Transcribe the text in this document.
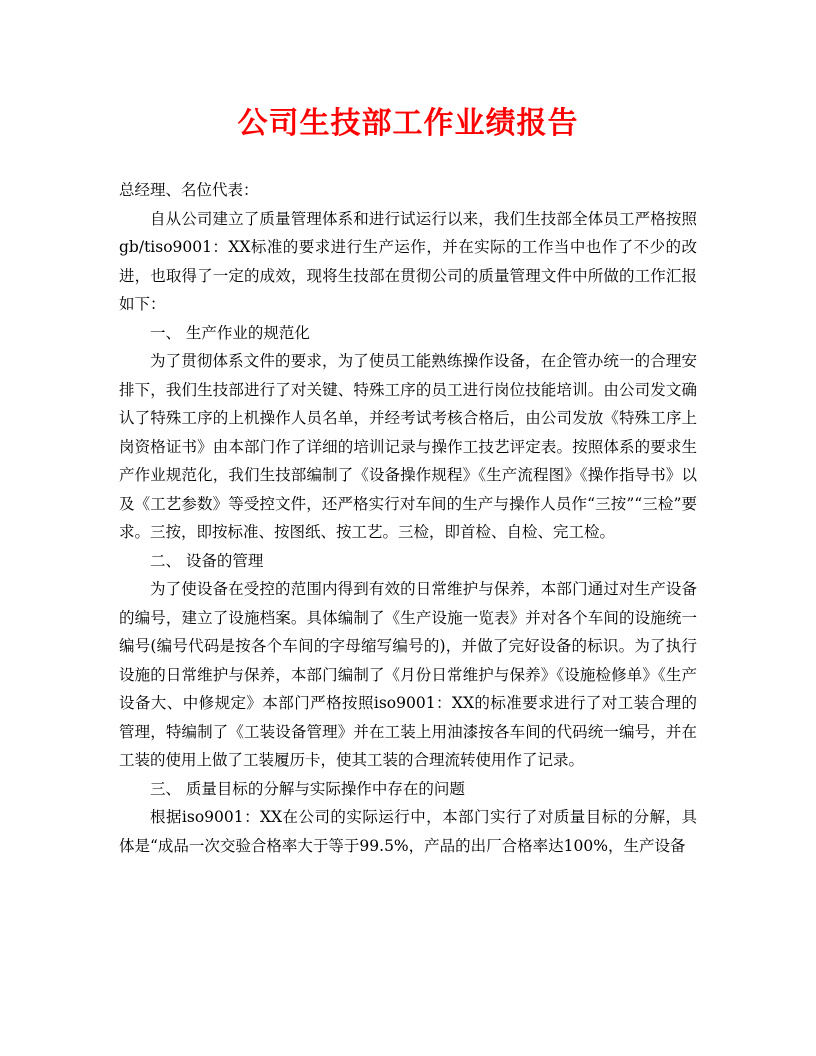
公司生技部工作业绩报告

总经理、名位代表：

自从公司建立了质量管理体系和进行试运行以来，我们生技部全体员工严格按照gb/tiso9001：XX标准的要求进行生产运作，并在实际的工作当中也作了不少的改进，也取得了一定的成效，现将生技部在贯彻公司的质量管理文件中所做的工作汇报如下：

一、 生产作业的规范化

为了贯彻体系文件的要求，为了使员工能熟练操作设备，在企管办统一的合理安排下，我们生技部进行了对关键、特殊工序的员工进行岗位技能培训。由公司发文确认了特殊工序的上机操作人员名单，并经考试考核合格后，由公司发放《特殊工序上岗资格证书》由本部门作了详细的培训记录与操作工技艺评定表。按照体系的要求生产作业规范化，我们生技部编制了《设备操作规程》《生产流程图》《操作指导书》以及《工艺参数》等受控文件，还严格实行对车间的生产与操作人员作“三按”“三检”要求。三按，即按标准、按图纸、按工艺。三检，即首检、自检、完工检。

二、 设备的管理

为了使设备在受控的范围内得到有效的日常维护与保养，本部门通过对生产设备的编号，建立了设施档案。具体编制了《生产设施一览表》并对各个车间的设施统一编号(编号代码是按各个车间的字母缩写编号的)，并做了完好设备的标识。为了执行设施的日常维护与保养，本部门编制了《月份日常维护与保养》《设施检修单》《生产设备大、中修规定》本部门严格按照iso9001：XX的标准要求进行了对工装合理的管理，特编制了《工装设备管理》并在工装上用油漆按各车间的代码统一编号，并在工装的使用上做了工装履历卡，使其工装的合理流转使用作了记录。

三、 质量目标的分解与实际操作中存在的问题

根据iso9001：XX在公司的实际运行中，本部门实行了对质量目标的分解，具体是“成品一次交验合格率大于等于99.5%，产品的出厂合格率达100%，生产设备
